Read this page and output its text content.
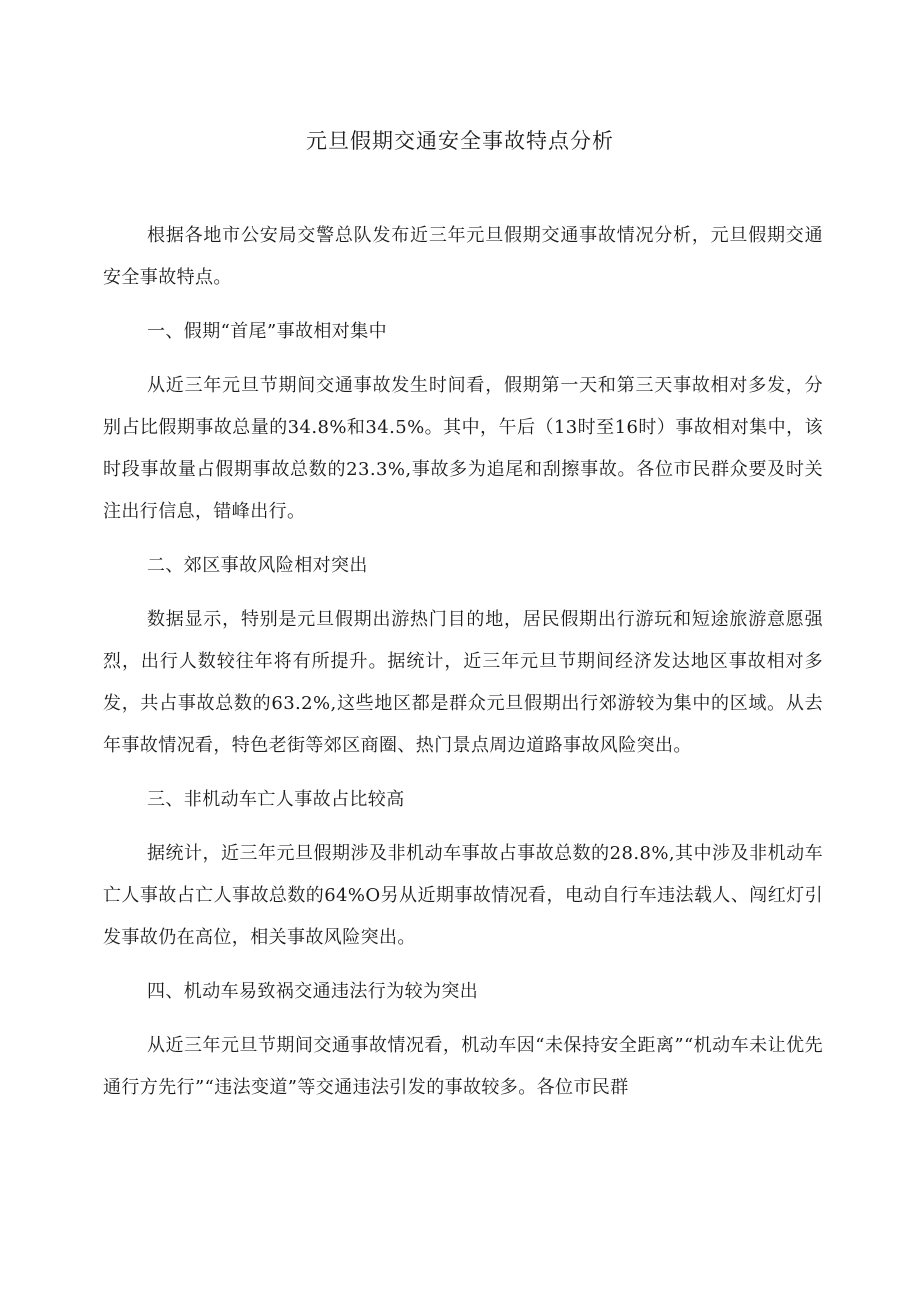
元旦假期交通安全事故特点分析

根据各地市公安局交警总队发布近三年元旦假期交通事故情况分析，元旦假期交通安全事故特点。

一、假期“首尾”事故相对集中

从近三年元旦节期间交通事故发生时间看，假期第一天和第三天事故相对多发，分别占比假期事故总量的34.8%和34.5%。其中，午后（13时至16时）事故相对集中，该时段事故量占假期事故总数的23.3%,事故多为追尾和刮擦事故。各位市民群众要及时关注出行信息，错峰出行。

二、郊区事故风险相对突出

数据显示，特别是元旦假期出游热门目的地，居民假期出行游玩和短途旅游意愿强烈，出行人数较往年将有所提升。据统计，近三年元旦节期间经济发达地区事故相对多发，共占事故总数的63.2%,这些地区都是群众元旦假期出行郊游较为集中的区域。从去年事故情况看，特色老街等郊区商圈、热门景点周边道路事故风险突出。

三、非机动车亡人事故占比较高

据统计，近三年元旦假期涉及非机动车事故占事故总数的28.8%,其中涉及非机动车亡人事故占亡人事故总数的64%O另从近期事故情况看，电动自行车违法载人、闯红灯引发事故仍在高位，相关事故风险突出。

四、机动车易致祸交通违法行为较为突出

从近三年元旦节期间交通事故情况看，机动车因“未保持安全距离”“机动车未让优先通行方先行”“违法变道”等交通违法引发的事故较多。各位市民群
